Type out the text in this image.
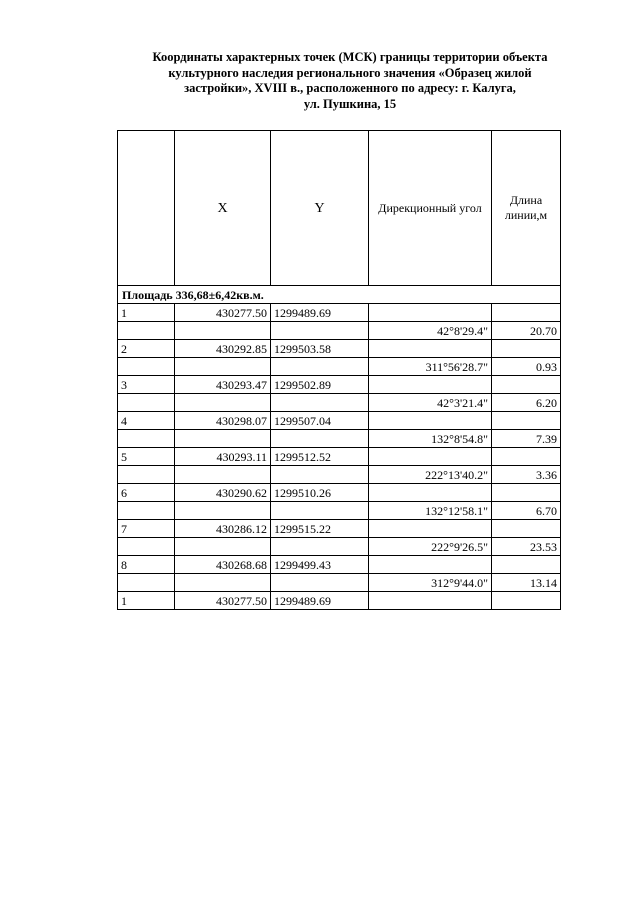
Координаты характерных точек (МСК) границы территории объекта
культурного наследия регионального значения «Образец жилой
застройки», XVIII в., расположенного по адресу: г. Калуга,
ул. Пушкина, 15
	X	Y	Дирекционный угол	Длина линии,м
Площадь 336,68±6,42кв.м.				
1	430277.50	1299489.69		
			42°8'29.4"	20.70
2	430292.85	1299503.58		
			311°56'28.7"	0.93
3	430293.47	1299502.89		
			42°3'21.4"	6.20
4	430298.07	1299507.04		
			132°8'54.8"	7.39
5	430293.11	1299512.52		
			222°13'40.2"	3.36
6	430290.62	1299510.26		
			132°12'58.1"	6.70
7	430286.12	1299515.22		
			222°9'26.5"	23.53
8	430268.68	1299499.43		
			312°9'44.0"	13.14
1	430277.50	1299489.69		
